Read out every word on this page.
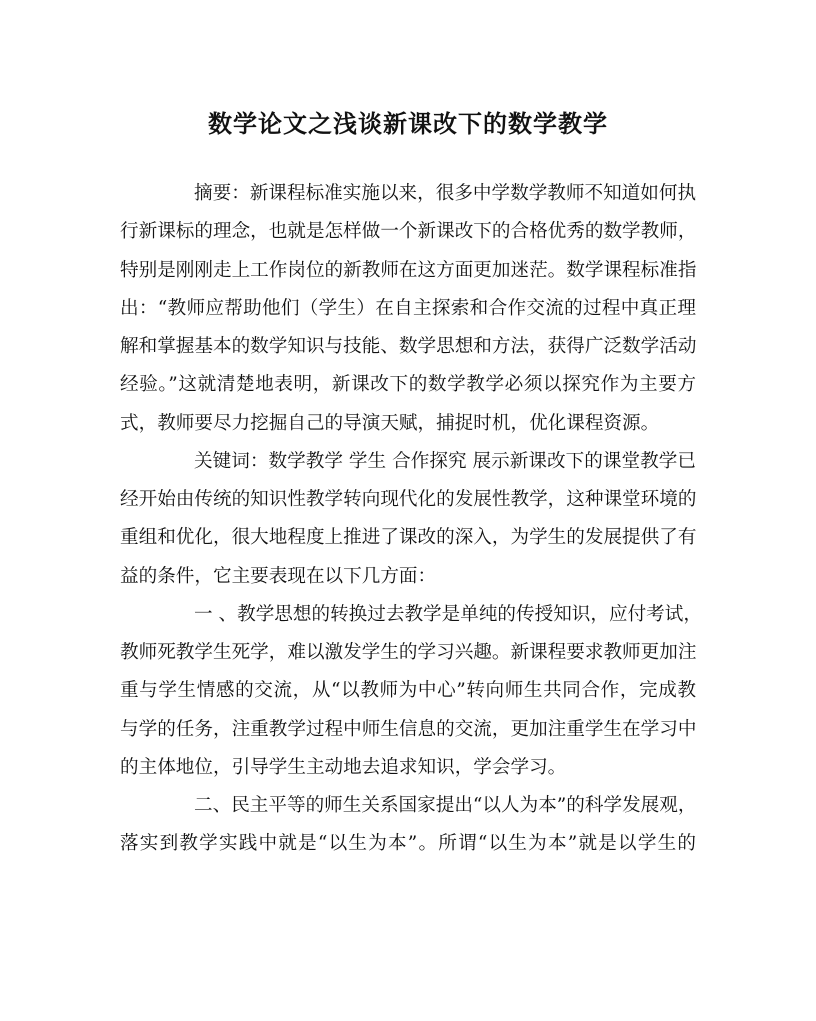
数学论文之浅谈新课改下的数学教学
摘要：新课程标准实施以来，很多中学数学教师不知道如何执
行新课标的理念，也就是怎样做一个新课改下的合格优秀的数学教师，
特别是刚刚走上工作岗位的新教师在这方面更加迷茫。数学课程标准指
出：“教师应帮助他们（学生）在自主探索和合作交流的过程中真正理
解和掌握基本的数学知识与技能、数学思想和方法，获得广泛数学活动
经验。”这就清楚地表明，新课改下的数学教学必须以探究作为主要方
式，教师要尽力挖掘自己的导演天赋，捕捉时机，优化课程资源。
关键词：数学教学 学生 合作探究 展示新课改下的课堂教学已
经开始由传统的知识性教学转向现代化的发展性教学，这种课堂环境的
重组和优化，很大地程度上推进了课改的深入，为学生的发展提供了有
益的条件，它主要表现在以下几方面：
一 、教学思想的转换过去教学是单纯的传授知识，应付考试，
教师死教学生死学，难以激发学生的学习兴趣。新课程要求教师更加注
重与学生情感的交流，从“以教师为中心”转向师生共同合作，完成教
与学的任务，注重教学过程中师生信息的交流，更加注重学生在学习中
的主体地位，引导学生主动地去追求知识，学会学习。
二、民主平等的师生关系国家提出“以人为本”的科学发展观，
落实到教学实践中就是“以生为本”。所谓“以生为本”就是以学生的
